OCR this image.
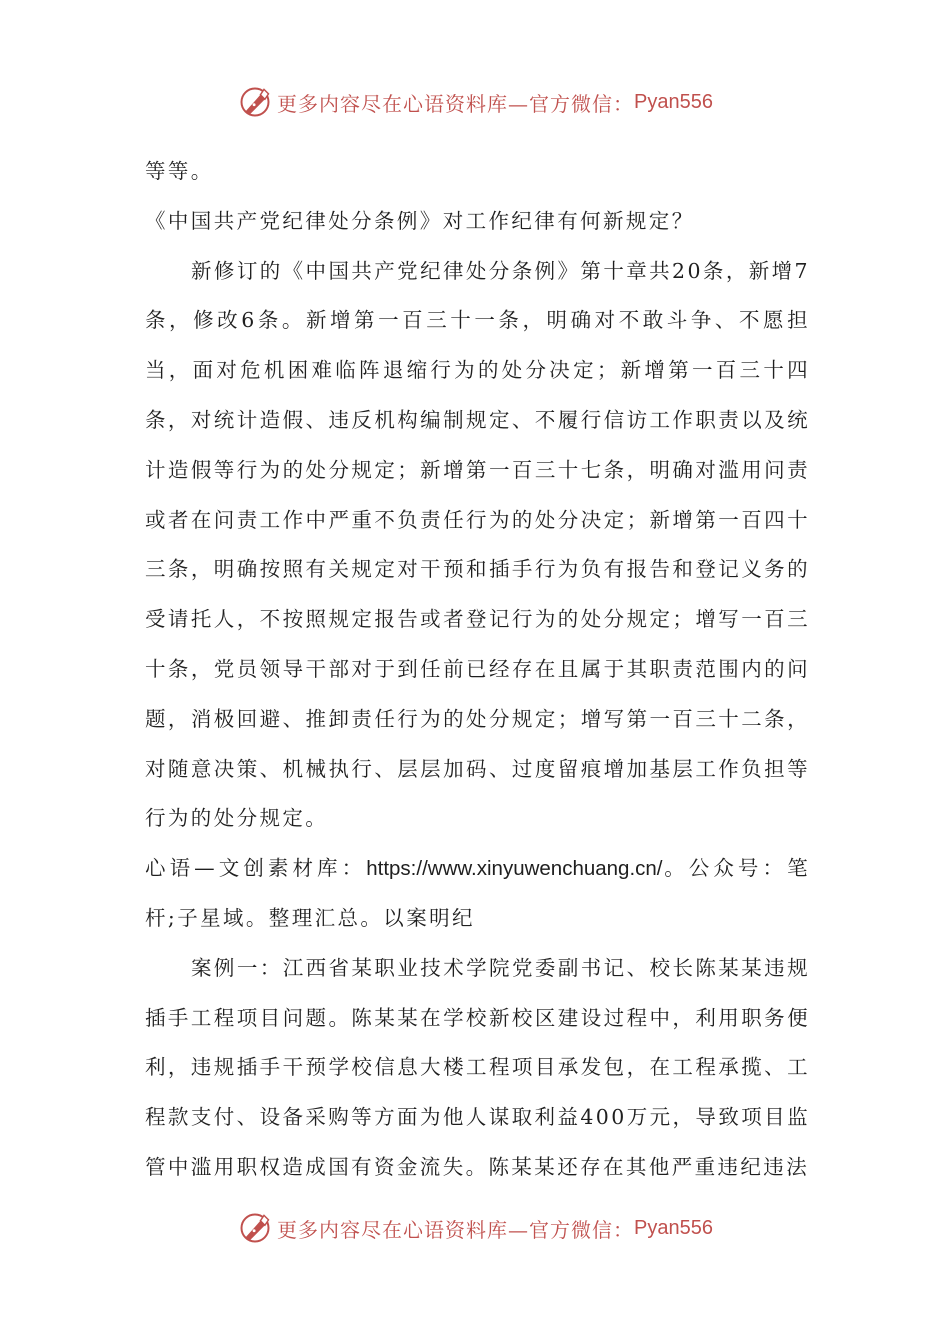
更多内容尽在心语资料库—官方微信： Pyan556

等等。

《中国共产党纪律处分条例》对工作纪律有何新规定？

新修订的《中国共产党纪律处分条例》第十章共20条，新增7条，修改6条。新增第一百三十一条，明确对不敢斗争、不愿担当，面对危机困难临阵退缩行为的处分决定；新增第一百三十四条，对统计造假、违反机构编制规定、不履行信访工作职责以及统计造假等行为的处分规定；新增第一百三十七条，明确对滥用问责或者在问责工作中严重不负责任行为的处分决定；新增第一百四十三条，明确按照有关规定对干预和插手行为负有报告和登记义务的受请托人，不按照规定报告或者登记行为的处分规定；增写一百三十条，党员领导干部对于到任前已经存在且属于其职责范围内的问题，消极回避、推卸责任行为的处分规定；增写第一百三十二条，对随意决策、机械执行、层层加码、过度留痕增加基层工作负担等行为的处分规定。

心语—文创素材库：https://www.xinyuwenchuang.cn/。公众号：笔杆;子星域。整理汇总。以案明纪

案例一：江西省某职业技术学院党委副书记、校长陈某某违规插手工程项目问题。陈某某在学校新校区建设过程中，利用职务便利，违规插手干预学校信息大楼工程项目承发包，在工程承揽、工程款支付、设备采购等方面为他人谋取利益400万元，导致项目监管中滥用职权造成国有资金流失。陈某某还存在其他严重违纪违法

更多内容尽在心语资料库—官方微信： Pyan556
